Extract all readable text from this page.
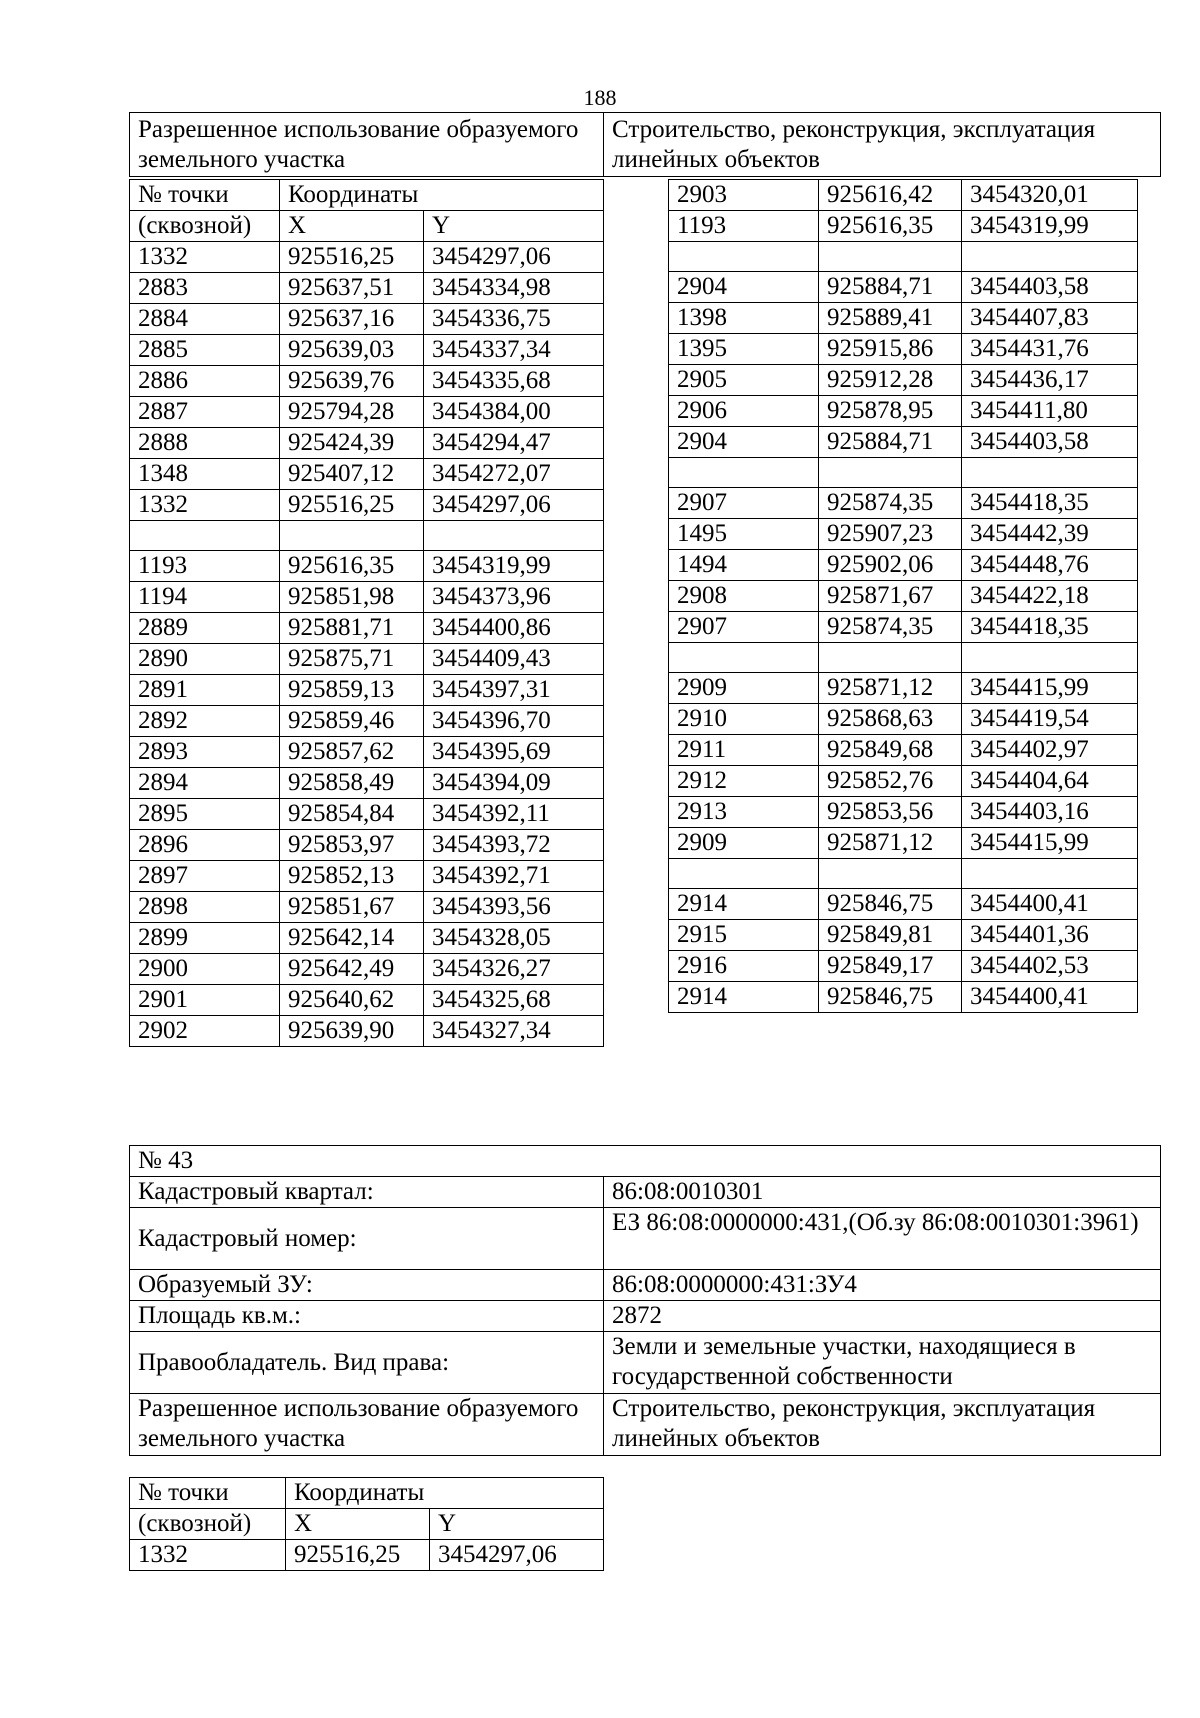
188
Разрешенное использование образуемого земельного участка	Строительство, реконструкция, эксплуатация линейных объектов
№ точки	Координаты	
(сквозной)	X	Y
1332	925516,25	3454297,06
2883	925637,51	3454334,98
2884	925637,16	3454336,75
2885	925639,03	3454337,34
2886	925639,76	3454335,68
2887	925794,28	3454384,00
2888	925424,39	3454294,47
1348	925407,12	3454272,07
1332	925516,25	3454297,06

1193	925616,35	3454319,99
1194	925851,98	3454373,96
2889	925881,71	3454400,86
2890	925875,71	3454409,43
2891	925859,13	3454397,31
2892	925859,46	3454396,70
2893	925857,62	3454395,69
2894	925858,49	3454394,09
2895	925854,84	3454392,11
2896	925853,97	3454393,72
2897	925852,13	3454392,71
2898	925851,67	3454393,56
2899	925642,14	3454328,05
2900	925642,49	3454326,27
2901	925640,62	3454325,68
2902	925639,90	3454327,34
2903	925616,42	3454320,01
1193	925616,35	3454319,99

2904	925884,71	3454403,58
1398	925889,41	3454407,83
1395	925915,86	3454431,76
2905	925912,28	3454436,17
2906	925878,95	3454411,80
2904	925884,71	3454403,58

2907	925874,35	3454418,35
1495	925907,23	3454442,39
1494	925902,06	3454448,76
2908	925871,67	3454422,18
2907	925874,35	3454418,35

2909	925871,12	3454415,99
2910	925868,63	3454419,54
2911	925849,68	3454402,97
2912	925852,76	3454404,64
2913	925853,56	3454403,16
2909	925871,12	3454415,99

2914	925846,75	3454400,41
2915	925849,81	3454401,36
2916	925849,17	3454402,53
2914	925846,75	3454400,41
№ 43	
Кадастровый квартал:	86:08:0010301
Кадастровый номер:	ЕЗ 86:08:0000000:431,(Об.зу 86:08:0010301:3961)
Образуемый ЗУ:	86:08:0000000:431:ЗУ4
Площадь кв.м.:	2872
Правообладатель. Вид права:	Земли и земельные участки, находящиеся в государственной собственности
Разрешенное использование образуемого земельного участка	Строительство, реконструкция, эксплуатация линейных объектов
№ точки	Координаты	
(сквозной)	X	Y
1332	925516,25	3454297,06
